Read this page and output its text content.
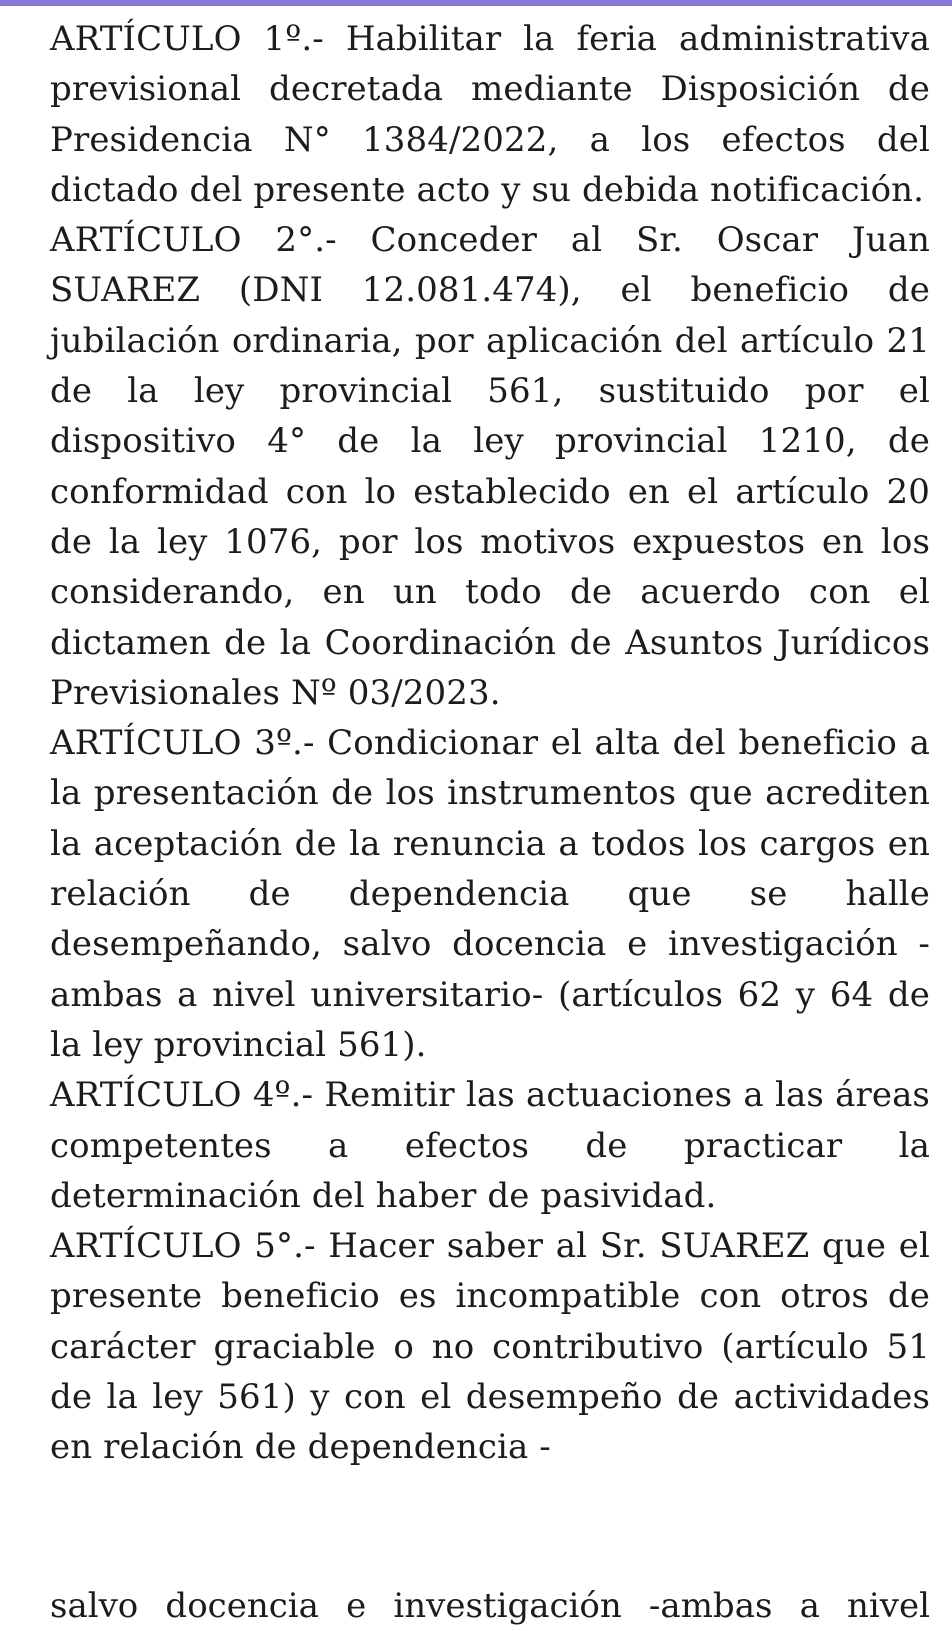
ARTÍCULO 1º.- Habilitar la feria administrativa previsional decretada mediante Disposición de Presidencia N° 1384/2022, a los efectos del dictado del presente acto y su debida notificación.

ARTÍCULO 2°.- Conceder al Sr. Oscar Juan SUAREZ (DNI 12.081.474), el beneficio de jubilación ordinaria, por aplicación del artículo 21 de la ley provincial 561, sustituido por el dispositivo 4° de la ley provincial 1210, de conformidad con lo establecido en el artículo 20 de la ley 1076, por los motivos expuestos en los considerando, en un todo de acuerdo con el dictamen de la Coordinación de Asuntos Jurídicos Previsionales Nº 03/2023.

ARTÍCULO 3º.- Condicionar el alta del beneficio a la presentación de los instrumentos que acrediten la aceptación de la renuncia a todos los cargos en relación de dependencia que se halle desempeñando, salvo docencia e investigación -ambas a nivel universitario- (artículos 62 y 64 de la ley provincial 561).

ARTÍCULO 4º.- Remitir las actuaciones a las áreas competentes a efectos de practicar la determinación del haber de pasividad.

ARTÍCULO 5°.- Hacer saber al Sr. SUAREZ que el presente beneficio es incompatible con otros de carácter graciable o no contributivo (artículo 51 de la ley 561) y con el desempeño de actividades en relación de dependencia -

salvo docencia e investigación -ambas a nivel
